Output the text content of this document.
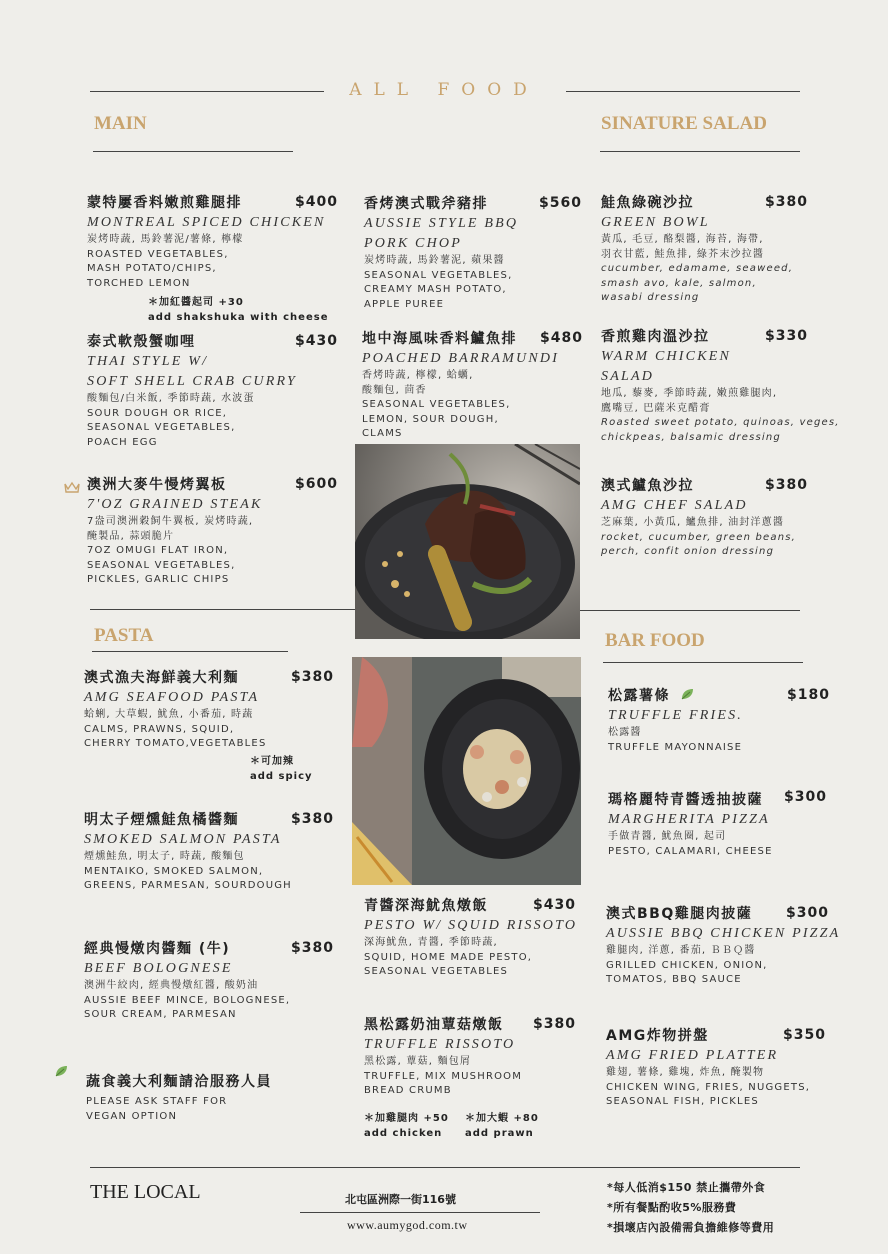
ALL FOOD
MAIN	SINATURE SALAD
蒙特屢香料嫩煎雞腿排	$400
MONTREAL SPICED CHICKEN
炭烤時蔬, 馬鈴薯泥/薯條, 檸檬
ROASTED VEGETABLES,
MASH POTATO/CHIPS,
TORCHED LEMON
＊加紅醬起司 +30
add shakshuka with cheese
泰式軟殼蟹咖哩	$430
THAI STYLE W/
SOFT SHELL CRAB CURRY
酸麵包/白米飯, 季節時蔬, 水波蛋
SOUR DOUGH OR RICE,
SEASONAL VEGETABLES,
POACH EGG
澳洲大麥牛慢烤翼板	$600
7'OZ GRAINED STEAK
7盎司澳洲穀飼牛翼板, 炭烤時蔬,
醃製品, 蒜頭脆片
7OZ OMUGI FLAT IRON,
SEASONAL VEGETABLES,
PICKLES, GARLIC CHIPS
香烤澳式戰斧豬排	$560
AUSSIE STYLE BBQ
PORK CHOP
炭烤時蔬, 馬鈴薯泥, 蘋果醬
SEASONAL VEGETABLES,
CREAMY MASH POTATO,
APPLE PUREE
地中海風味香料鱸魚排	$480
POACHED BARRAMUNDI
香烤時蔬, 檸檬, 蛤蠣,
酸麵包, 茴香
SEASONAL VEGETABLES,
LEMON, SOUR DOUGH,
CLAMS
PASTA	BAR FOOD
鮭魚綠碗沙拉	$380
GREEN BOWL
黃瓜, 毛豆, 酪梨醬, 海苔, 海帶,
羽衣甘藍, 鮭魚排, 綠芥末沙拉醬
cucumber, edamame, seaweed,
smash avo, kale, salmon,
wasabi dressing
香煎雞肉溫沙拉	$330
WARM CHICKEN
SALAD
地瓜, 藜麥, 季節時蔬, 嫩煎雞腿肉,
鷹嘴豆, 巴薩米克醋膏
Roasted sweet potato, quinoas, veges,
chickpeas, balsamic dressing
澳式鱸魚沙拉	$380
AMG CHEF SALAD
芝麻葉, 小黃瓜, 鱸魚排, 油封洋蔥醬
rocket, cucumber, green beans,
perch, confit onion dressing
澳式漁夫海鮮義大利麵	$380
AMG SEAFOOD PASTA
蛤蜊, 大草蝦, 魷魚, 小番茄, 時蔬
CALMS, PRAWNS, SQUID,
CHERRY TOMATO,VEGETABLES
＊可加辣
add spicy
明太子煙燻鮭魚橘醬麵	$380
SMOKED SALMON PASTA
煙燻鮭魚, 明太子, 時蔬, 酸麵包
MENTAIKO, SMOKED SALMON,
GREENS, PARMESAN, SOURDOUGH
經典慢燉肉醬麵 (牛)	$380
BEEF BOLOGNESE
澳洲牛絞肉, 經典慢燉紅醬, 酸奶油
AUSSIE BEEF MINCE, BOLOGNESE,
SOUR CREAM, PARMESAN
蔬食義大利麵請洽服務人員
PLEASE ASK STAFF FOR
VEGAN OPTION
青醬深海魷魚燉飯	$430
PESTO W/ SQUID RISSOTO
深海魷魚, 青醬, 季節時蔬,
SQUID, HOME MADE PESTO,
SEASONAL VEGETABLES
黑松露奶油蕈菇燉飯	$380
TRUFFLE RISSOTO
黑松露, 蕈菇, 麵包屑
TRUFFLE, MIX MUSHROOM
BREAD CRUMB
＊加雞腿肉 +50
add chicken
＊加大蝦 +80
add prawn
松露薯條	$180
TRUFFLE FRIES.
松露醬
TRUFFLE MAYONNAISE
瑪格麗特青醬透抽披薩	$300
MARGHERITA PIZZA
手做青醬, 魷魚圈, 起司
PESTO, CALAMARI, CHEESE
澳式BBQ雞腿肉披薩	$300
AUSSIE BBQ CHICKEN PIZZA
雞腿肉, 洋蔥, 番茄, ＢＢＱ醬
GRILLED CHICKEN, ONION,
TOMATOS, BBQ SAUCE
AMG炸物拼盤	$350
AMG FRIED PLATTER
雞翅, 薯條, 雞塊, 炸魚, 醃製物
CHICKEN WING, FRIES, NUGGETS,
SEASONAL FISH, PICKLES
THE LOCAL	北屯區洲際一街116號
www.aumygod.com.tw
*每人低消$150 禁止攜帶外食
*所有餐點酌收5%服務費
*損壞店內設備需負擔維修等費用
